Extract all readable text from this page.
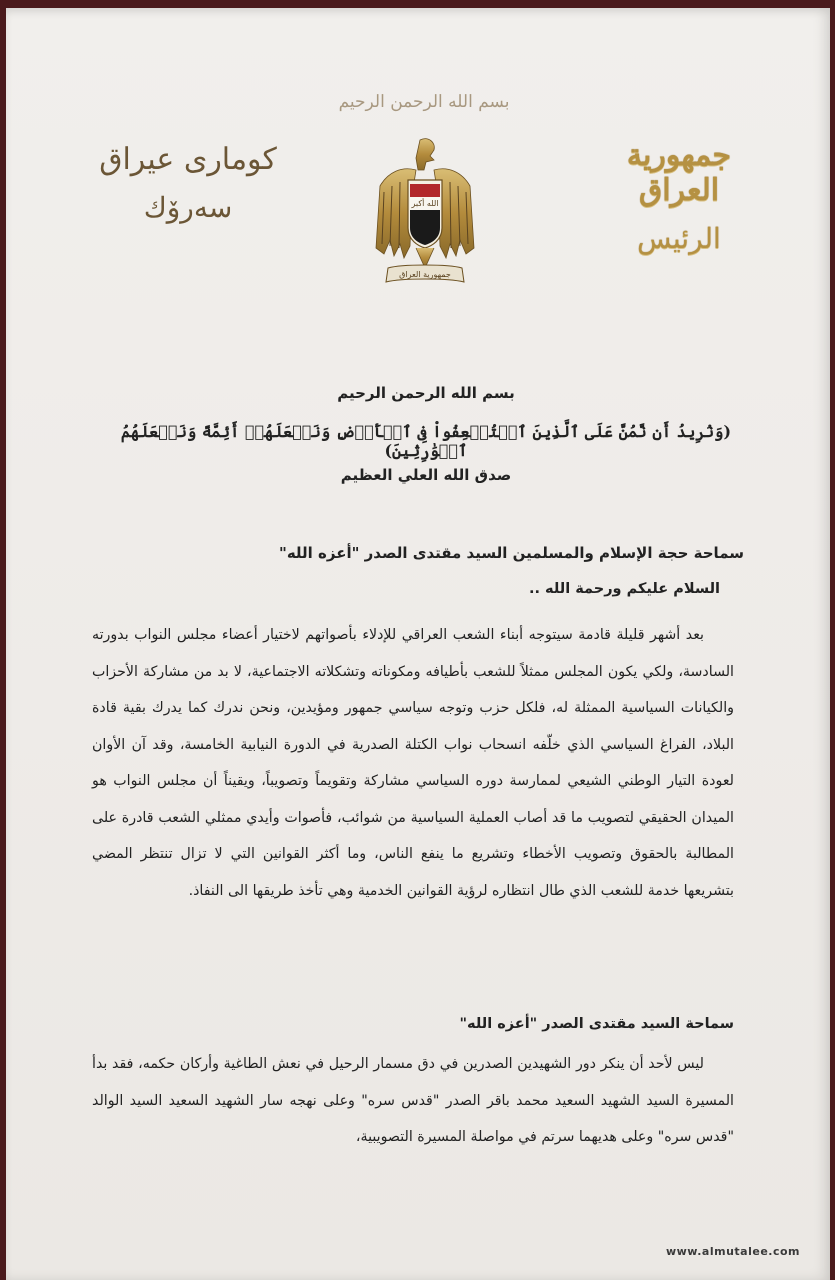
بسم الله الرحمن الرحيم
جمهورية العراق
الرئيس
كومارى عيراق
سەرۆك	الله أكبر
جمهورية العراق
بسم الله الرحمن الرحيم
(وَنُرِيدُ أَن نَّمُنَّ عَلَى ٱلَّذِينَ ٱسۡتُضۡعِفُواْ فِى ٱلۡأَرۡضِ وَنَجۡعَلَهُمۡ أَئِمَّةً وَنَجۡعَلَهُمُ ٱلۡوَٰرِثِينَ)
صدق الله العلي العظيم
سماحة حجة الإسلام والمسلمين السيد مقتدى الصدر "أعزه الله"
السلام عليكم ورحمة الله ..
بعد أشهر قليلة قادمة سيتوجه أبناء الشعب العراقي للإدلاء بأصواتهم لاختيار أعضاء مجلس النواب بدورته السادسة، ولكي يكون المجلس ممثلاً للشعب بأطيافه ومكوناته وتشكلاته الاجتماعية، لا بد من مشاركة الأحزاب والكيانات السياسية الممثلة له، فلكل حزب وتوجه سياسي جمهور ومؤيدين، ونحن ندرك كما يدرك بقية قادة البلاد، الفراغ السياسي الذي خلّفه انسحاب نواب الكتلة الصدرية في الدورة النيابية الخامسة، وقد آن الأوان لعودة التيار الوطني الشيعي لممارسة دوره السياسي مشاركة وتقويماً وتصويباً، ويقيناً أن مجلس النواب هو الميدان الحقيقي لتصويب ما قد أصاب العملية السياسية من شوائب، فأصوات وأيدي ممثلي الشعب قادرة على المطالبة بالحقوق وتصويب الأخطاء وتشريع ما ينفع الناس، وما أكثر القوانين التي لا تزال تنتظر المضي بتشريعها خدمة للشعب الذي طال انتظاره لرؤية القوانين الخدمية وهي تأخذ طريقها الى النفاذ.
سماحة السيد مقتدى الصدر "أعزه الله"
ليس لأحد أن ينكر دور الشهيدين الصدرين في دق مسمار الرحيل في نعش الطاغية وأركان حكمه، فقد بدأ المسيرة السيد الشهيد السعيد محمد باقر الصدر "قدس سره" وعلى نهجه سار الشهيد السعيد السيد الوالد "قدس سره" وعلى هديهما سرتم في مواصلة المسيرة التصويبية،
www.almutalee.com
